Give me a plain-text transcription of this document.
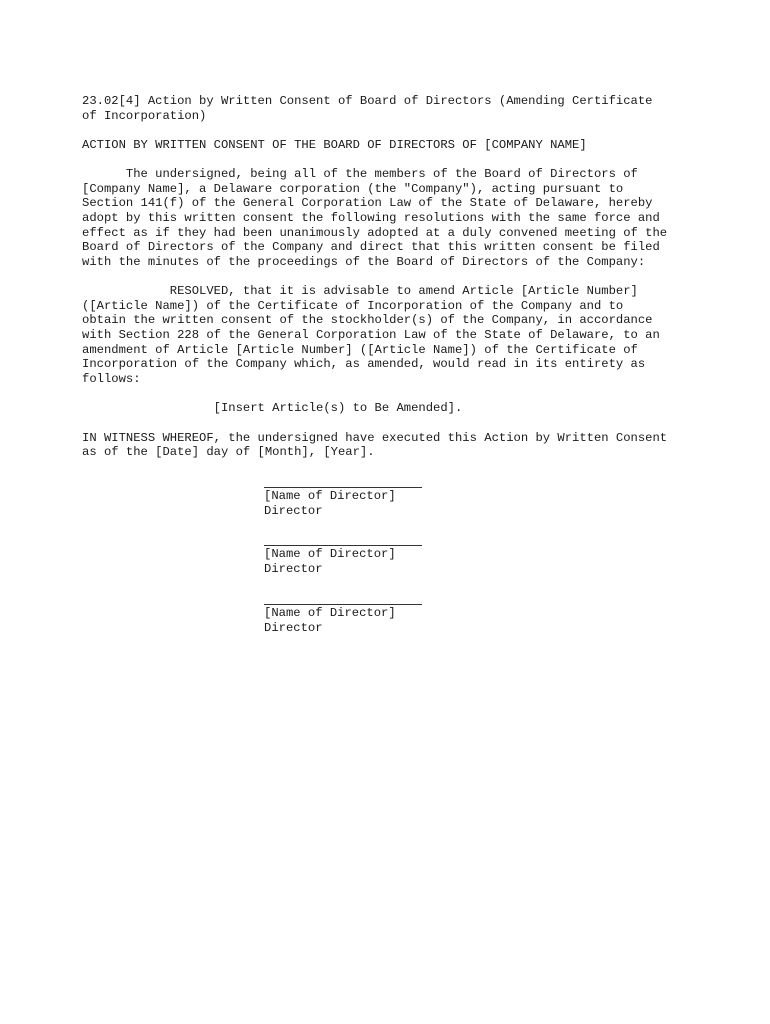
23.02[4] Action by Written Consent of Board of Directors (Amending Certificate
of Incorporation)
ACTION BY WRITTEN CONSENT OF THE BOARD OF DIRECTORS OF [COMPANY NAME]
The undersigned, being all of the members of the Board of Directors of
[Company Name], a Delaware corporation (the "Company"), acting pursuant to
Section 141(f) of the General Corporation Law of the State of Delaware, hereby
adopt by this written consent the following resolutions with the same force and
effect as if they had been unanimously adopted at a duly convened meeting of the
Board of Directors of the Company and direct that this written consent be filed
with the minutes of the proceedings of the Board of Directors of the Company:
RESOLVED, that it is advisable to amend Article [Article Number]
([Article Name]) of the Certificate of Incorporation of the Company and to
obtain the written consent of the stockholder(s) of the Company, in accordance
with Section 228 of the General Corporation Law of the State of Delaware, to an
amendment of Article [Article Number] ([Article Name]) of the Certificate of
Incorporation of the Company which, as amended, would read in its entirety as
follows:
[Insert Article(s) to Be Amended].
IN WITNESS WHEREOF, the undersigned have executed this Action by Written Consent
as of the [Date] day of [Month], [Year].
[Name of Director]
Director
[Name of Director]
Director
[Name of Director]
Director
